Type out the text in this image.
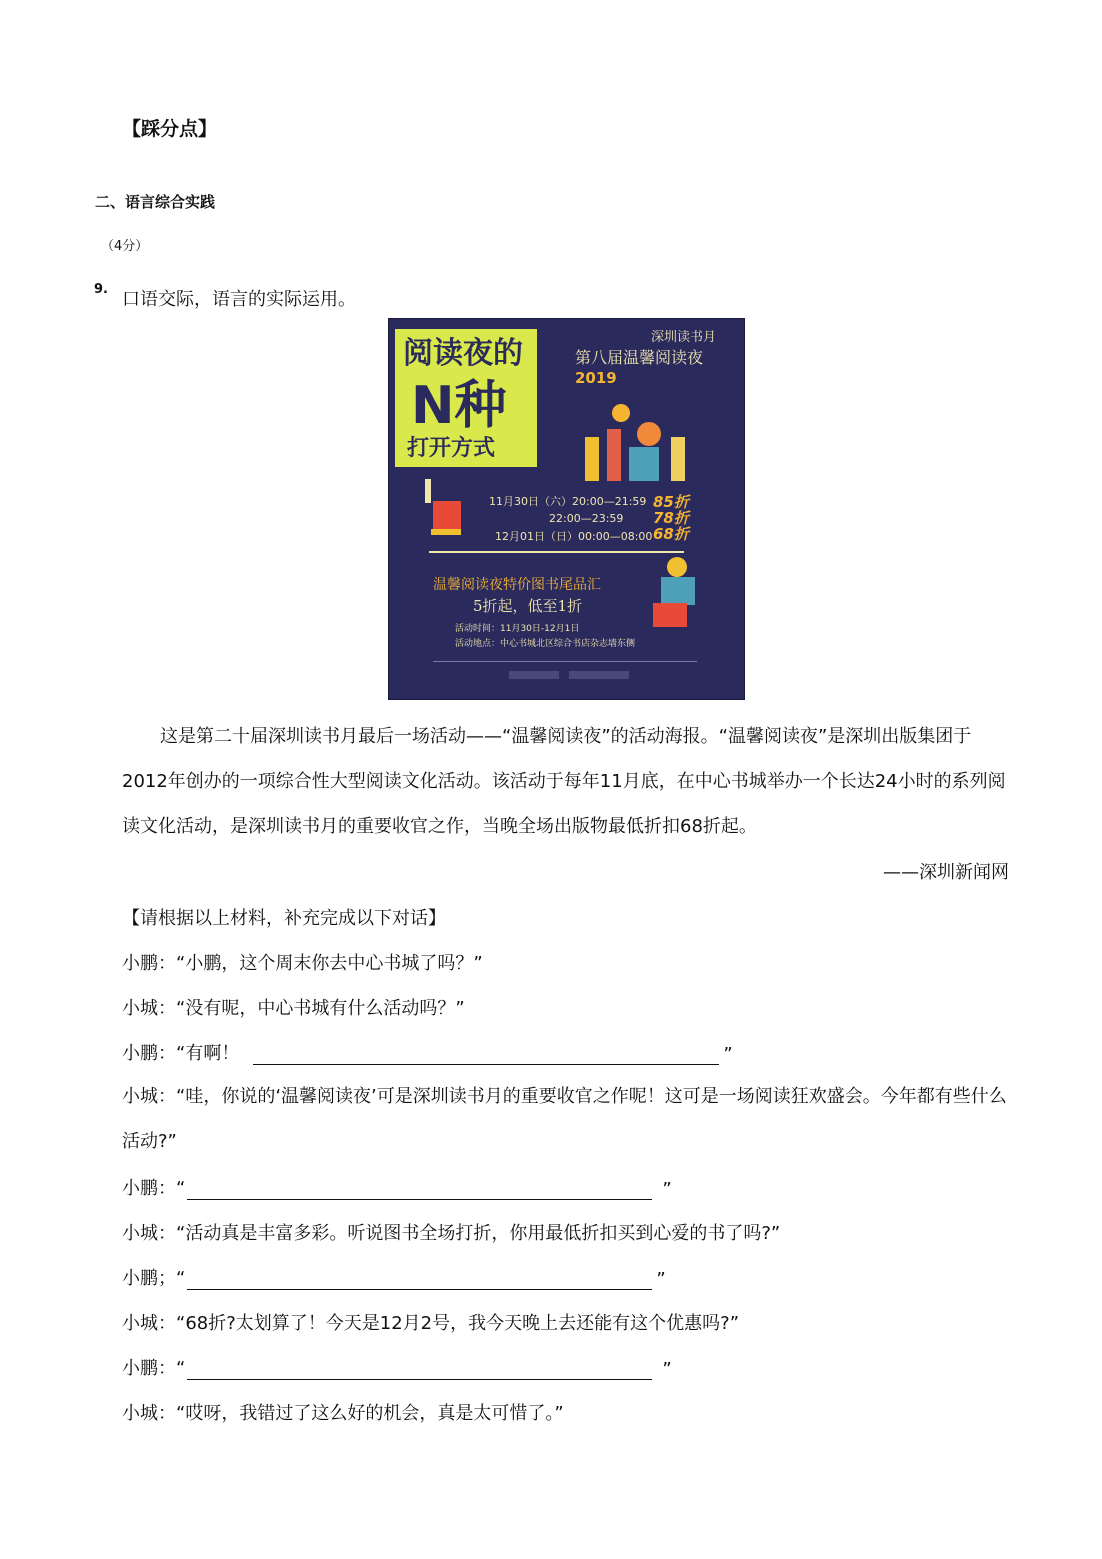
【踩分点】
二、语言综合实践
（4分）
9. 口语交际，语言的实际运用。
阅读夜的
N种
打开方式
深圳读书月
第八届温馨阅读夜
2019
11月30日（六）20:00—21:59 85折
22:00—23:59 78折
12月01日（日）00:00—08:00 68折
温馨阅读夜特价图书尾品汇
5折起，低至1折
活动时间：11月30日-12月1日
活动地点：中心书城北区综合书店杂志墙东侧

这是第二十届深圳读书月最后一场活动——“温馨阅读夜”的活动海报。“温馨阅读夜”是深圳出版集团于2012年创办的一项综合性大型阅读文化活动。该活动于每年11月底，在中心书城举办一个长达24小时的系列阅读文化活动，是深圳读书月的重要收官之作，当晚全场出版物最低折扣68折起。

——深圳新闻网
【请根据以上材料，补充完成以下对话】
小鹏：“小鹏，这个周末你去中心书城了吗？”
小城：“没有呢，中心书城有什么活动吗？”
小鹏：“有啊！	”
小城：“哇，你说的‘温馨阅读夜’可是深圳读书月的重要收官之作呢！这可是一场阅读狂欢盛会。今年都有些什么活动?”
小鹏：“	”
小城：“活动真是丰富多彩。听说图书全场打折，你用最低折扣买到心爱的书了吗?”
小鹏；“	”
小城：“68折?太划算了！今天是12月2号，我今天晚上去还能有这个优惠吗?”
小鹏：“	”
小城：“哎呀，我错过了这么好的机会，真是太可惜了。”
